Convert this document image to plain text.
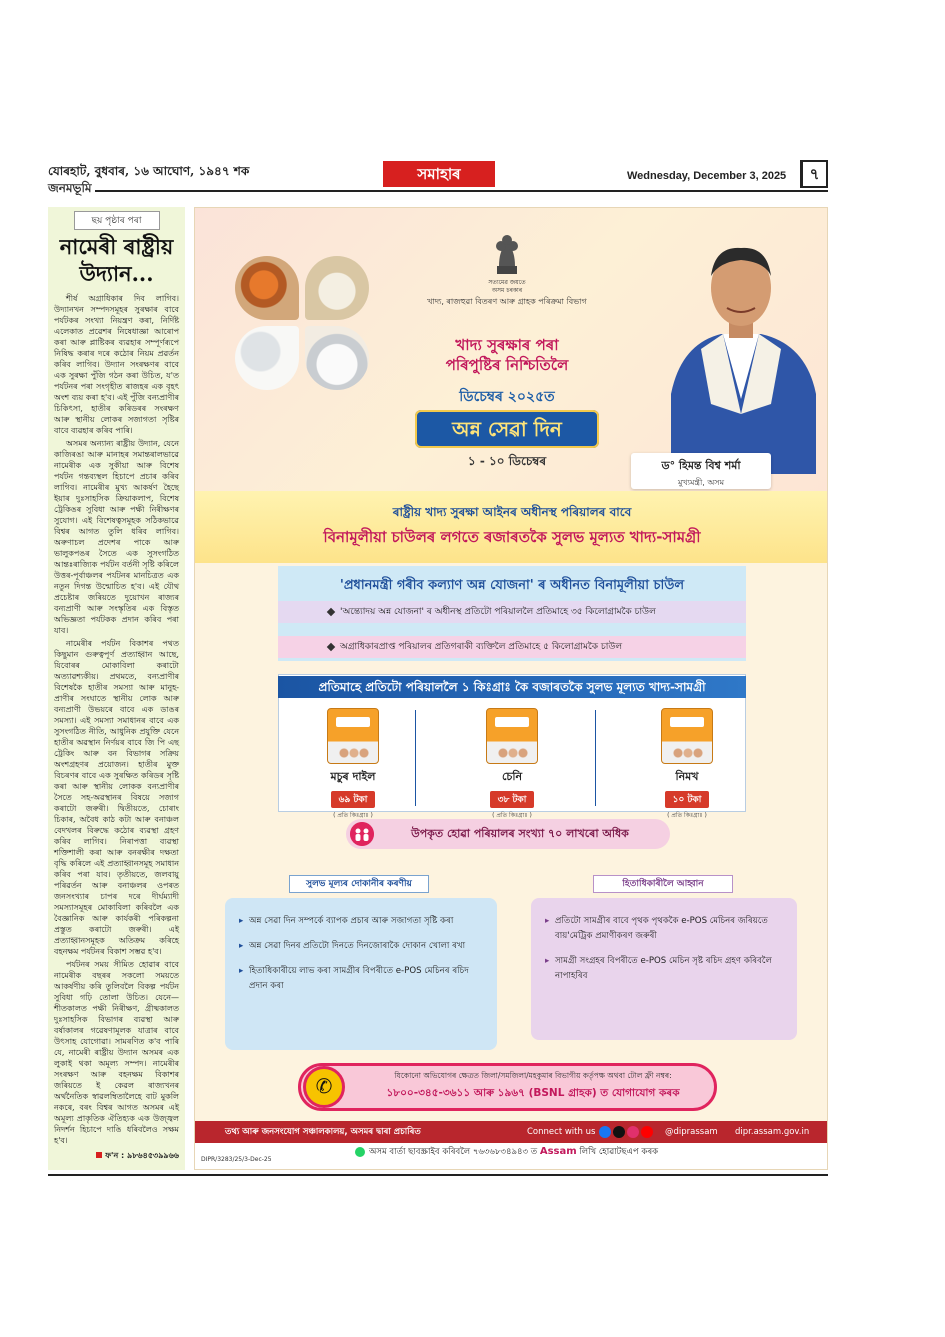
যোৰহাট, বুধবাৰ, ১৬ আঘোণ, ১৯৪৭ শক	সমাহাৰ	Wednesday, December 3, 2025	৭
জনমভূমি
ছয় পৃষ্ঠাৰ পৰা
নামেৰী ৰাষ্ট্ৰীয় উদ্যান...

শীৰ্ষ অগ্ৰাধিকাৰ দিব লাগিব। উদ্যানখন সম্পদসমূহৰ সুৰক্ষাৰ বাবে পৰ্যটকৰ সংখ্যা নিয়ন্ত্ৰণ কৰা, নিৰ্দিষ্ট এলেকাত প্ৰৱেশৰ নিষেধাজ্ঞা আৰোপ কৰা আৰু প্লাষ্টিকৰ ব্যৱহাৰ সম্পূৰ্ণৰূপে নিষিদ্ধ কৰাৰ দৰে কঠোৰ নিয়ম প্ৰৱৰ্তন কৰিব লাগিব। উদ্যান সংৰক্ষণৰ বাবে এক সুৰক্ষা পুঁজি গঠন কৰা উচিত, য'ত পৰ্যটনৰ পৰা সংগৃহীত ৰাজহৰ এক বৃহৎ অংশ ব্যয় কৰা হ'ব। এই পুঁজি বন্যপ্ৰাণীৰ চিকিৎসা, হাতীৰ কৰিডৰৰ সংৰক্ষণ আৰু স্থানীয় লোকৰ সজাগতা সৃষ্টিৰ বাবে ব্যৱহাৰ কৰিব পাৰি।

অসমৰ অন্যান্য ৰাষ্ট্ৰীয় উদ্যান, যেনে কাজিৰঙা আৰু মানাহৰ সমান্তৰালভাৱে নামেৰীক এক সুকীয়া আৰু বিশেষ পৰ্যটন গন্তব্যস্থল হিচাপে প্ৰচাৰ কৰিব লাগিব। নামেৰীৰ মুখ্য আকৰ্ষণ হৈছে ইয়াৰ দুঃসাহসিক ক্ৰিয়াকলাপ, বিশেষ ট্ৰেকিঙৰ সুবিধা আৰু পক্ষী নিৰীক্ষণৰ সুযোগ। এই বিশেষত্বসমূহক সঠিকভাৱে বিশ্বৰ আগত তুলি ধৰিব লাগিব। অৰুণাচল প্ৰদেশৰ পাকে আৰু ভালুকপঙৰ সৈতে এক সুসংগঠিত আন্তঃৰাজ্যিক পৰ্যটন বৰ্তনী সৃষ্টি কৰিলে উত্তৰ-পূৰ্বাঞ্চলৰ পৰ্যটনৰ মানচিত্ৰত এক নতুন দিগন্ত উন্মোচিত হ'ব। এই যৌথ প্ৰচেষ্টাৰ জৰিয়তে দুয়োখন ৰাজ্যৰ বন্যপ্ৰাণী আৰু সংস্কৃতিৰ এক বিস্তৃত অভিজ্ঞতা পৰ্যটকক প্ৰদান কৰিব পৰা যাব।

নামেৰীৰ পৰ্যটন বিকাশৰ পথত কিছুমান গুৰুত্বপূৰ্ণ প্ৰত্যাহ্বান আছে, যিবোৰৰ মোকাবিলা কৰাটো অত্যাৱশ্যকীয়। প্ৰথমতে, বন্যপ্ৰাণীৰ বিশেষকৈ হাতীৰ সমস্যা আৰু মানুহ-প্ৰাণীৰ সংঘাতে স্থানীয় লোক আৰু বন্যপ্ৰাণী উভয়ৰে বাবে এক ডাঙৰ সমস্যা। এই সমস্যা সমাধানৰ বাবে এক সুসংগঠিত নীতি, আধুনিক প্ৰযুক্তি যেনে হাতীৰ অৱস্থান নিৰ্ণয়ৰ বাবে জি পি এছ ট্ৰেকিং আৰু বন বিভাগৰ সক্ৰিয় অংশগ্ৰহণৰ প্ৰয়োজন। হাতীৰ মুক্ত বিচৰণৰ বাবে এক সুৰক্ষিত কৰিডৰ সৃষ্টি কৰা আৰু স্থানীয় লোকক বন্যপ্ৰাণীৰ সৈতে সহ-অৱস্থানৰ বিষয়ে সজাগ কৰাটো জৰুৰী। দ্বিতীয়তে, চোৰাং চিকাৰ, অবৈধ কাঠ কটা আৰু বনাঞ্চল বেদখলৰ বিৰুদ্ধে কঠোৰ ব্যৱস্থা গ্ৰহণ কৰিব লাগিব। নিৰাপত্তা ব্যৱস্থা শক্তিশালী কৰা আৰু বনৰক্ষীৰ দক্ষতা বৃদ্ধি কৰিলে এই প্ৰত্যাহ্বানসমূহ সমাধান কৰিব পৰা যাব। তৃতীয়তে, জলবায়ু পৰিৱৰ্তন আৰু বনাঞ্চলৰ ওপৰত জনসংখ্যাৰ চাপৰ দৰে দীৰ্ঘম্যাদী সমস্যাসমূহৰ মোকাবিলা কৰিবলৈ এক বৈজ্ঞানিক আৰু কাৰ্যকৰী পৰিকল্পনা প্ৰস্তুত কৰাটো জৰুৰী। এই প্ৰত্যাহ্বানসমূহক অতিক্ৰম কৰিহে বহনক্ষম পৰ্যটনৰ বিকাশ সম্ভৱ হ'ব।

পৰ্যটনৰ সময় সীমিত হোৱাৰ বাবে নামেৰীক বছৰৰ সকলো সময়তে আকৰ্ষণীয় কৰি তুলিবলৈ বিকল্প পৰ্যটন সুবিধা গঢ়ি তোলা উচিত। যেনে— শীতকালত পক্ষী নিৰীক্ষণ, গ্ৰীষ্মকালত দুঃসাহসিক বিভাগৰ ব্যৱস্থা আৰু বৰ্ষাকালৰ গৱেষণামূলক যাত্ৰাৰ বাবে উৎসাহ যোগোৱা। সামৰণিত ক'ব পাৰি যে, নামেৰী ৰাষ্ট্ৰীয় উদ্যান অসমৰ এক লুকাই থকা অমূল্য সম্পদ। নামেৰীৰ সংৰক্ষণ আৰু বহনক্ষম বিকাশৰ জৰিয়তে ই কেৱল ৰাজ্যখনৰ অৰ্থনৈতিক স্বাৱলম্বিতালৈহে বাট মুকলি নকৰে, বৰং বিশ্বৰ আগত অসমৰ এই অমূল্য প্ৰাকৃতিক ঐতিহ্যক এক উজ্জ্বল নিদৰ্শন হিচাপে দাঙি ধৰিবলৈও সক্ষম হ'ব।

ফ'ন : ৯৮৬৪৫৩৯৯৬৬
সত্যমেৱ জয়তে অসম চৰকাৰ
খাদ্য, ৰাজহুৱা বিতৰণ আৰু গ্ৰাহক পৰিক্ৰমা বিভাগ
খাদ্য সুৰক্ষাৰ পৰা
পৰিপুষ্টিৰ নিশ্চিতিলৈ
ডিচেম্বৰ ২০২৫ত
অন্ন সেৱা দিন
১ - ১০ ডিচেম্বৰ	ড° হিমন্ত বিশ্ব শৰ্মা
মুখ্যমন্ত্ৰী, অসম
ৰাষ্ট্ৰীয় খাদ্য সুৰক্ষা আইনৰ অধীনস্থ পৰিয়ালৰ বাবে
বিনামূলীয়া চাউলৰ লগতে ৰজাৰতকৈ সুলভ মূল্যত খাদ্য-সামগ্ৰী
'প্ৰধানমন্ত্ৰী গৰীব কল্যাণ অন্ন যোজনা' ৰ অধীনত বিনামূলীয়া চাউল
'অন্ত্যোদয় অন্ন যোজনা' ৰ অধীনস্থ প্ৰতিটো পৰিয়াললৈ প্ৰতিমাহে ৩৫ কিলোগ্ৰামকৈ চাউল
অগ্ৰাধিকাৰপ্ৰাপ্ত পৰিয়ালৰ প্ৰতিগৰাকী ব্যক্তিলৈ প্ৰতিমাহে ৫ কিলোগ্ৰামকৈ চাউল
প্ৰতিমাহে প্ৰতিটো পৰিয়াললৈ ১ কিঃগ্ৰাঃ কৈ বজাৰতকৈ সুলভ মূল্যত খাদ্য-সামগ্ৰী
মচুৰ দাইল
৬৯ টকা
( প্ৰতি কিঃগ্ৰাঃ )
চেনি
৩৮ টকা
( প্ৰতি কিঃগ্ৰাঃ )
নিমখ
১০ টকা
( প্ৰতি কিঃগ্ৰাঃ )
উপকৃত হোৱা পৰিয়ালৰ সংখ্যা ৭০ লাখৰো অধিক
▸ অন্ন সেৱা দিন সম্পৰ্কে ব্যাপক প্ৰচাৰ আৰু সজাগতা সৃষ্টি কৰা
▸ অন্ন সেৱা দিনৰ প্ৰতিটো দিনতে দিনজোৰাকৈ দোকান খোলা ৰখা
▸ হিতাধিকাৰীয়ে লাভ কৰা সামগ্ৰীৰ বিপৰীতে e-POS মেচিনৰ ৰচিদ প্ৰদান কৰা
সুলভ মূল্যৰ দোকানীৰ কৰণীয়
▸ প্ৰতিটো সামগ্ৰীৰ বাবে পৃথক পৃথককৈ e-POS মেচিনৰ জৰিয়তে বায়'মেট্ৰিক প্ৰমাণীকৰণ জৰুৰী
▸ সামগ্ৰী সংগ্ৰহৰ বিপৰীতে e-POS মেচিন সৃষ্ট ৰচিদ গ্ৰহণ কৰিবলৈ নাপাহৰিব
হিতাধিকাৰীলৈ আহ্বান
✆	যিকোনো অভিযোগৰ ক্ষেত্ৰত জিলা/সমজিলা/মহকুমাৰ বিভাগীয় কৰ্তৃপক্ষ অথবা টোল ফ্ৰী নম্বৰ:
১৮০০-৩৪৫-৩৬১১ আৰু ১৯৬৭ (BSNL গ্ৰাহক) ত যোগাযোগ কৰক
তথ্য আৰু জনসংযোগ সঞ্চালকালয়, অসমৰ দ্বাৰা প্ৰচাৰিত	Connect with us	@diprassam dipr.assam.gov.in
DIPR/3283/25/3-Dec-25
অসম বাৰ্তা ছাবস্ক্ৰাইব কৰিবলৈ ৭৬৩৬৮৩৪৯৪৩ ত Assam লিখি হোৱাটছএপ কৰক
